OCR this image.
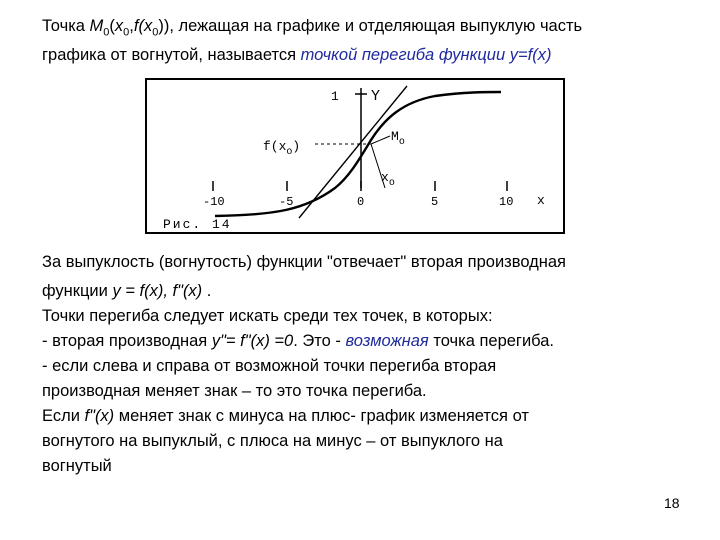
Точка $M_0(x_0,f(x_0))$, лежащая на графике и отделяющая выпуклую часть

графика от вогнутой, называется точкой перегиба функции y=f(x)

1 Y
$f(x_o)$
$M_o$
$x_o$
-10	-5	0	5	10 x
Рис. 14

За выпуклость (вогнутость) функции "отвечает" вторая производная

функции y = f(x), f"(x) .

Точки перегиба следует искать среди тех точек, в которых:

- вторая производная y"= f"(x) =0. Это - возможная точка перегиба.

- если слева и справа от возможной точки перегиба вторая

производная меняет знак – то это точка перегиба.

Если f"(x) меняет знак с минуса на плюс- график изменяется от

вогнутого на выпуклый, с плюса на минус – от выпуклого на

вогнутый

18
